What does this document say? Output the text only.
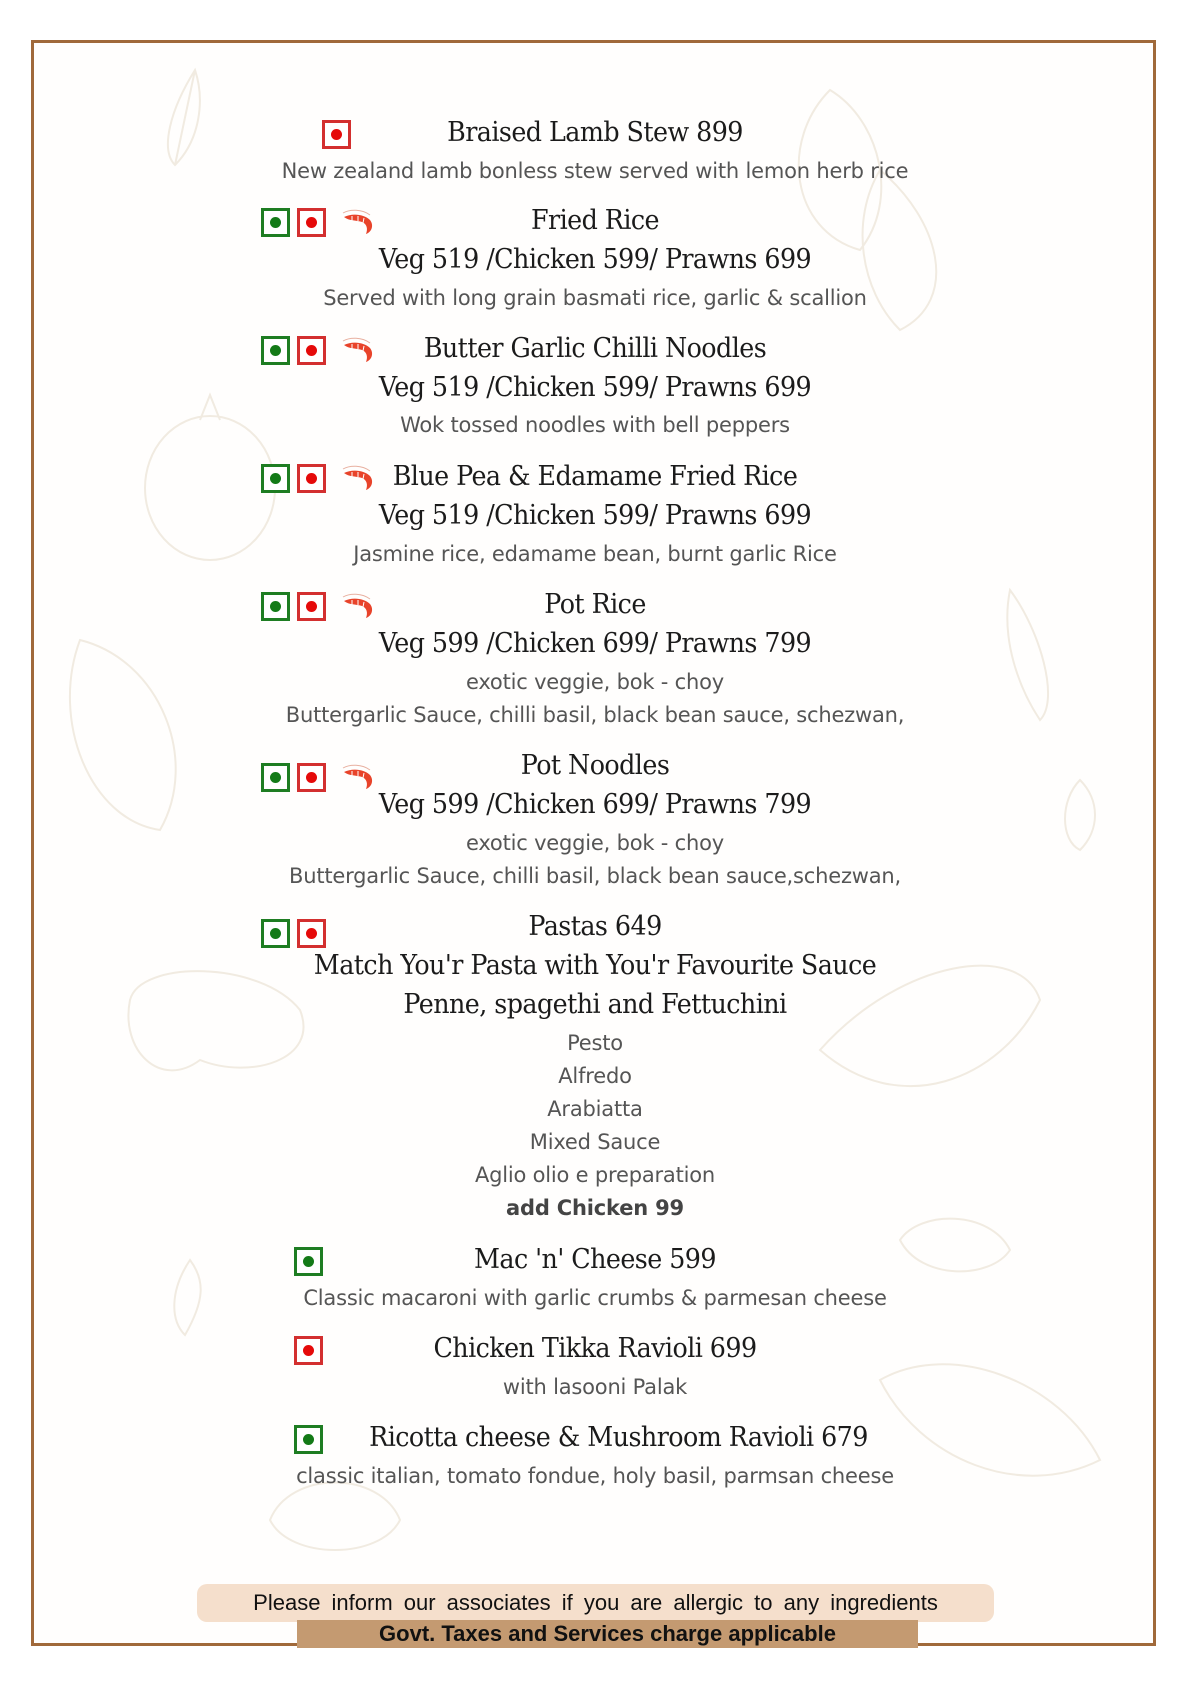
Braised Lamb Stew 899
New zealand lamb bonless stew served with lemon herb rice
Fried Rice
Veg 519 /Chicken 599/ Prawns 699
Served with long grain basmati rice, garlic & scallion
Butter Garlic Chilli Noodles
Veg 519 /Chicken 599/ Prawns 699
Wok tossed noodles with bell peppers
Blue Pea & Edamame Fried Rice
Veg 519 /Chicken 599/ Prawns 699
Jasmine rice, edamame bean, burnt garlic Rice
Pot Rice
Veg 599 /Chicken 699/ Prawns 799
exotic veggie, bok - choy
Buttergarlic Sauce, chilli basil, black bean sauce, schezwan,
Pot Noodles
Veg 599 /Chicken 699/ Prawns 799
exotic veggie, bok - choy
Buttergarlic Sauce, chilli basil, black bean sauce,schezwan,
Pastas 649
Match You'r Pasta with You'r Favourite Sauce
Penne, spagethi and Fettuchini
Pesto
Alfredo
Arabiatta
Mixed Sauce
Aglio olio e preparation
add Chicken 99
Mac 'n' Cheese 599
Classic macaroni with garlic crumbs & parmesan cheese
Chicken Tikka Ravioli 699
with lasooni Palak
Ricotta cheese & Mushroom Ravioli 679
classic italian, tomato fondue, holy basil, parmsan cheese
Please inform our associates if you are allergic to any ingredients
Govt. Taxes and Services charge applicable
